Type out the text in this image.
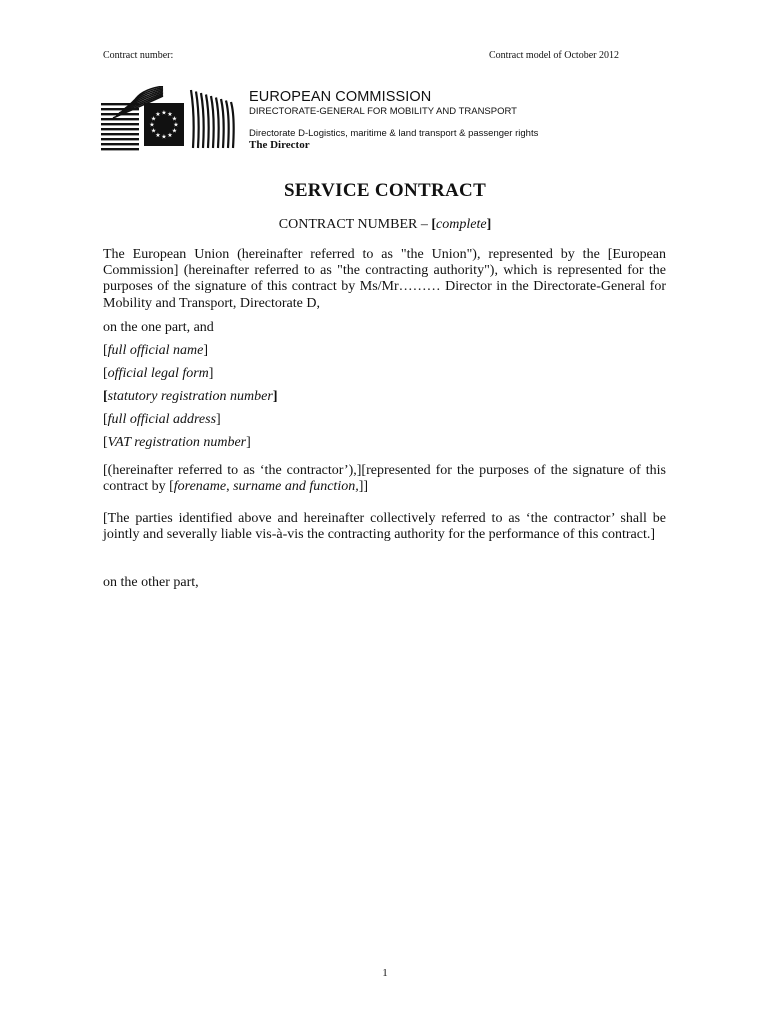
Contract number:	Contract model of October 2012
★ ★
★
★
★
★
★
★
★
★
★
★
EUROPEAN COMMISSION
DIRECTORATE-GENERAL FOR MOBILITY AND TRANSPORT
Directorate D-Logistics, maritime & land transport & passenger rights
The Director
SERVICE CONTRACT
CONTRACT NUMBER – [complete]
The European Union (hereinafter referred to as "the Union"), represented by the [European Commission] (hereinafter referred to as "the contracting authority"), which is represented for the purposes of the signature of this contract by Ms/Mr……… Director in the Directorate-General for Mobility and Transport, Directorate D,
on the one part, and
[full official name]
[official legal form]
[statutory registration number]
[full official address]
[VAT registration number]
[(hereinafter referred to as ‘the contractor’),][represented for the purposes of the signature of this contract by [forename, surname and function,]]
[The parties identified above and hereinafter collectively referred to as ‘the contractor’ shall be jointly and severally liable vis-à-vis the contracting authority for the performance of this contract.]
on the other part,
1
